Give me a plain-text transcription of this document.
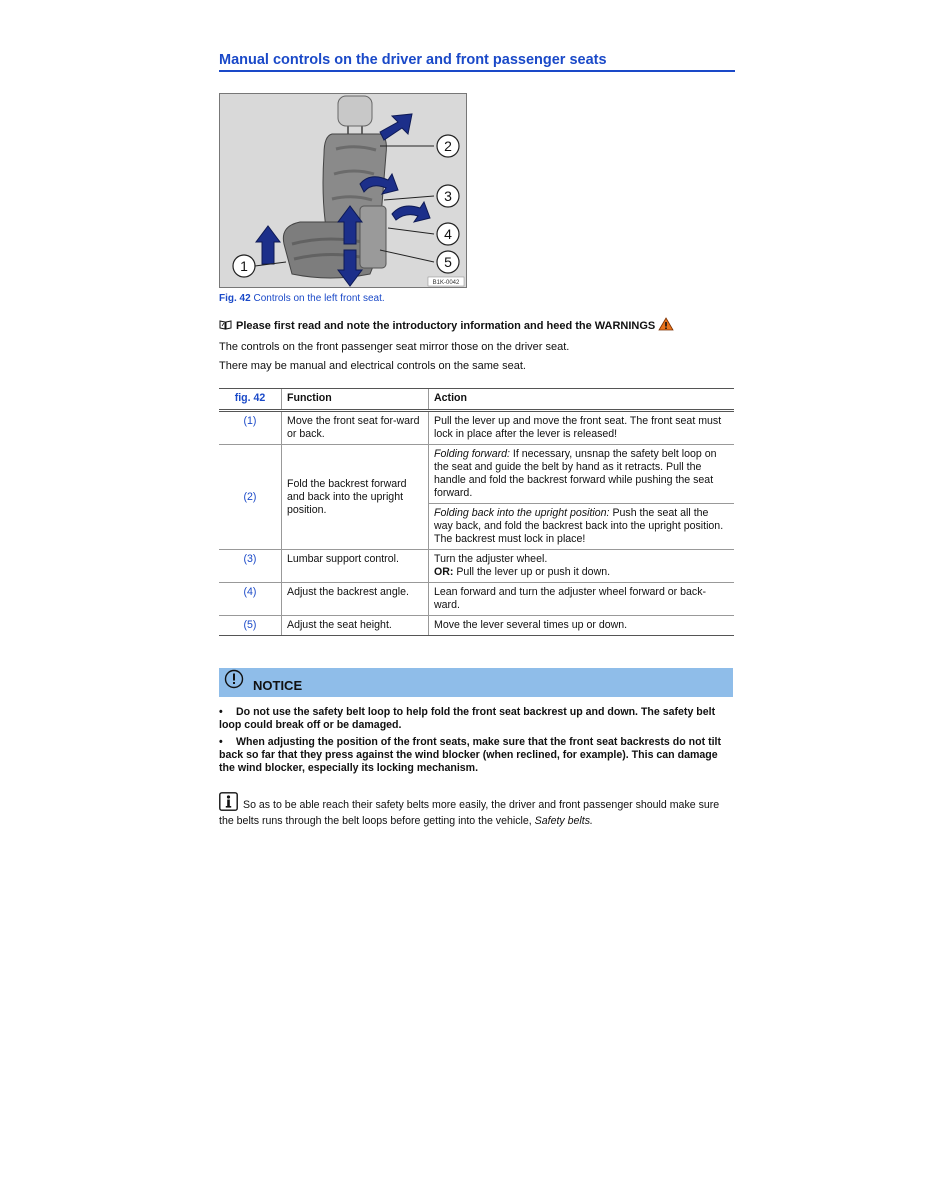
Manual controls on the driver and front passenger seats
1
2
3
4
5
B1K-0042
Fig. 42 Controls on the left front seat.

Please first read and note the introductory information and heed the WARNINGS

The controls on the front passenger seat mirror those on the driver seat.

There may be manual and electrical controls on the same seat.

fig. 42	Function	Action
(1)	Move the front seat for-ward or back.	Pull the lever up and move the front seat. The front seat must lock in place after the lever is released!
(2)	Fold the backrest forward and back into the upright position.	Folding forward: If necessary, unsnap the safety belt loop on the seat and guide the belt by hand as it retracts. Pull the handle and fold the backrest forward while pushing the seat forward.
		Folding back into the upright position: Push the seat all the way back, and fold the backrest back into the upright position. The backrest must lock in place!
(3)	Lumbar support control.	Turn the adjuster wheel.
OR: Pull the lever up or push it down.
(4)	Adjust the backrest angle.	Lean forward and turn the adjuster wheel forward or back-ward.
(5)	Adjust the seat height.	Move the lever several times up or down.
NOTICE
• Do not use the safety belt loop to help fold the front seat backrest up and down. The safety belt loop could break off or be damaged.
• When adjusting the position of the front seats, make sure that the front seat backrests do not tilt back so far that they press against the wind blocker (when reclined, for example). This can damage the wind blocker, especially its locking mechanism.
So as to be able reach their safety belts more easily, the driver and front passenger should make sure the belts runs through the belt loops before getting into the vehicle, Safety belts.
